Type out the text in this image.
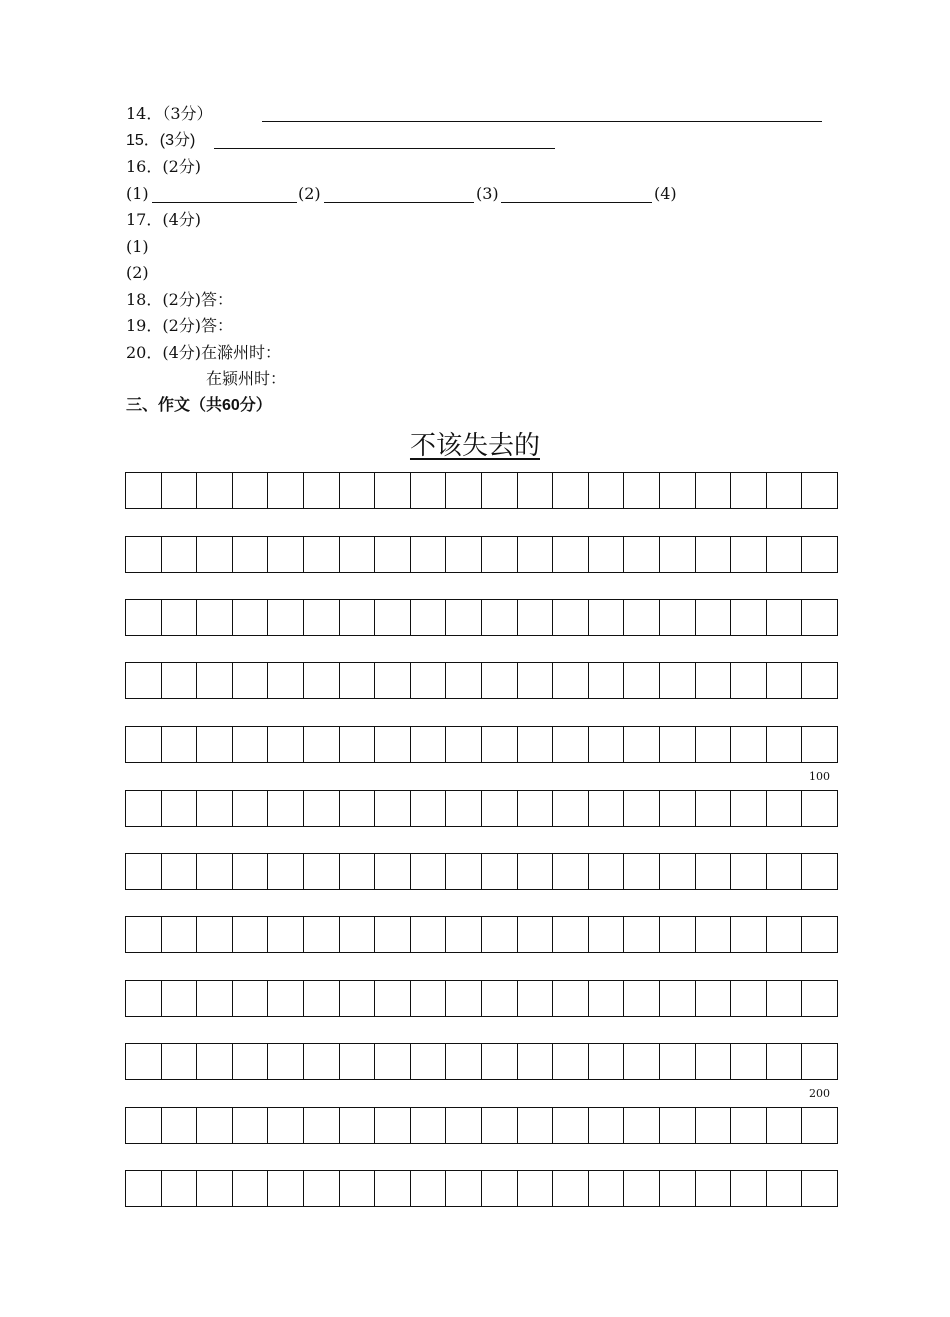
14．（3分）
15．(3分)
16．(2分)
(1)	(2)	(3)	(4)
17．(4分)
(1)
(2)
18．(2分)答：
19．(2分)答：
20．(4分)在滁州时：
在颍州时：
三、作文（共60分）
不该失去的
100
200
